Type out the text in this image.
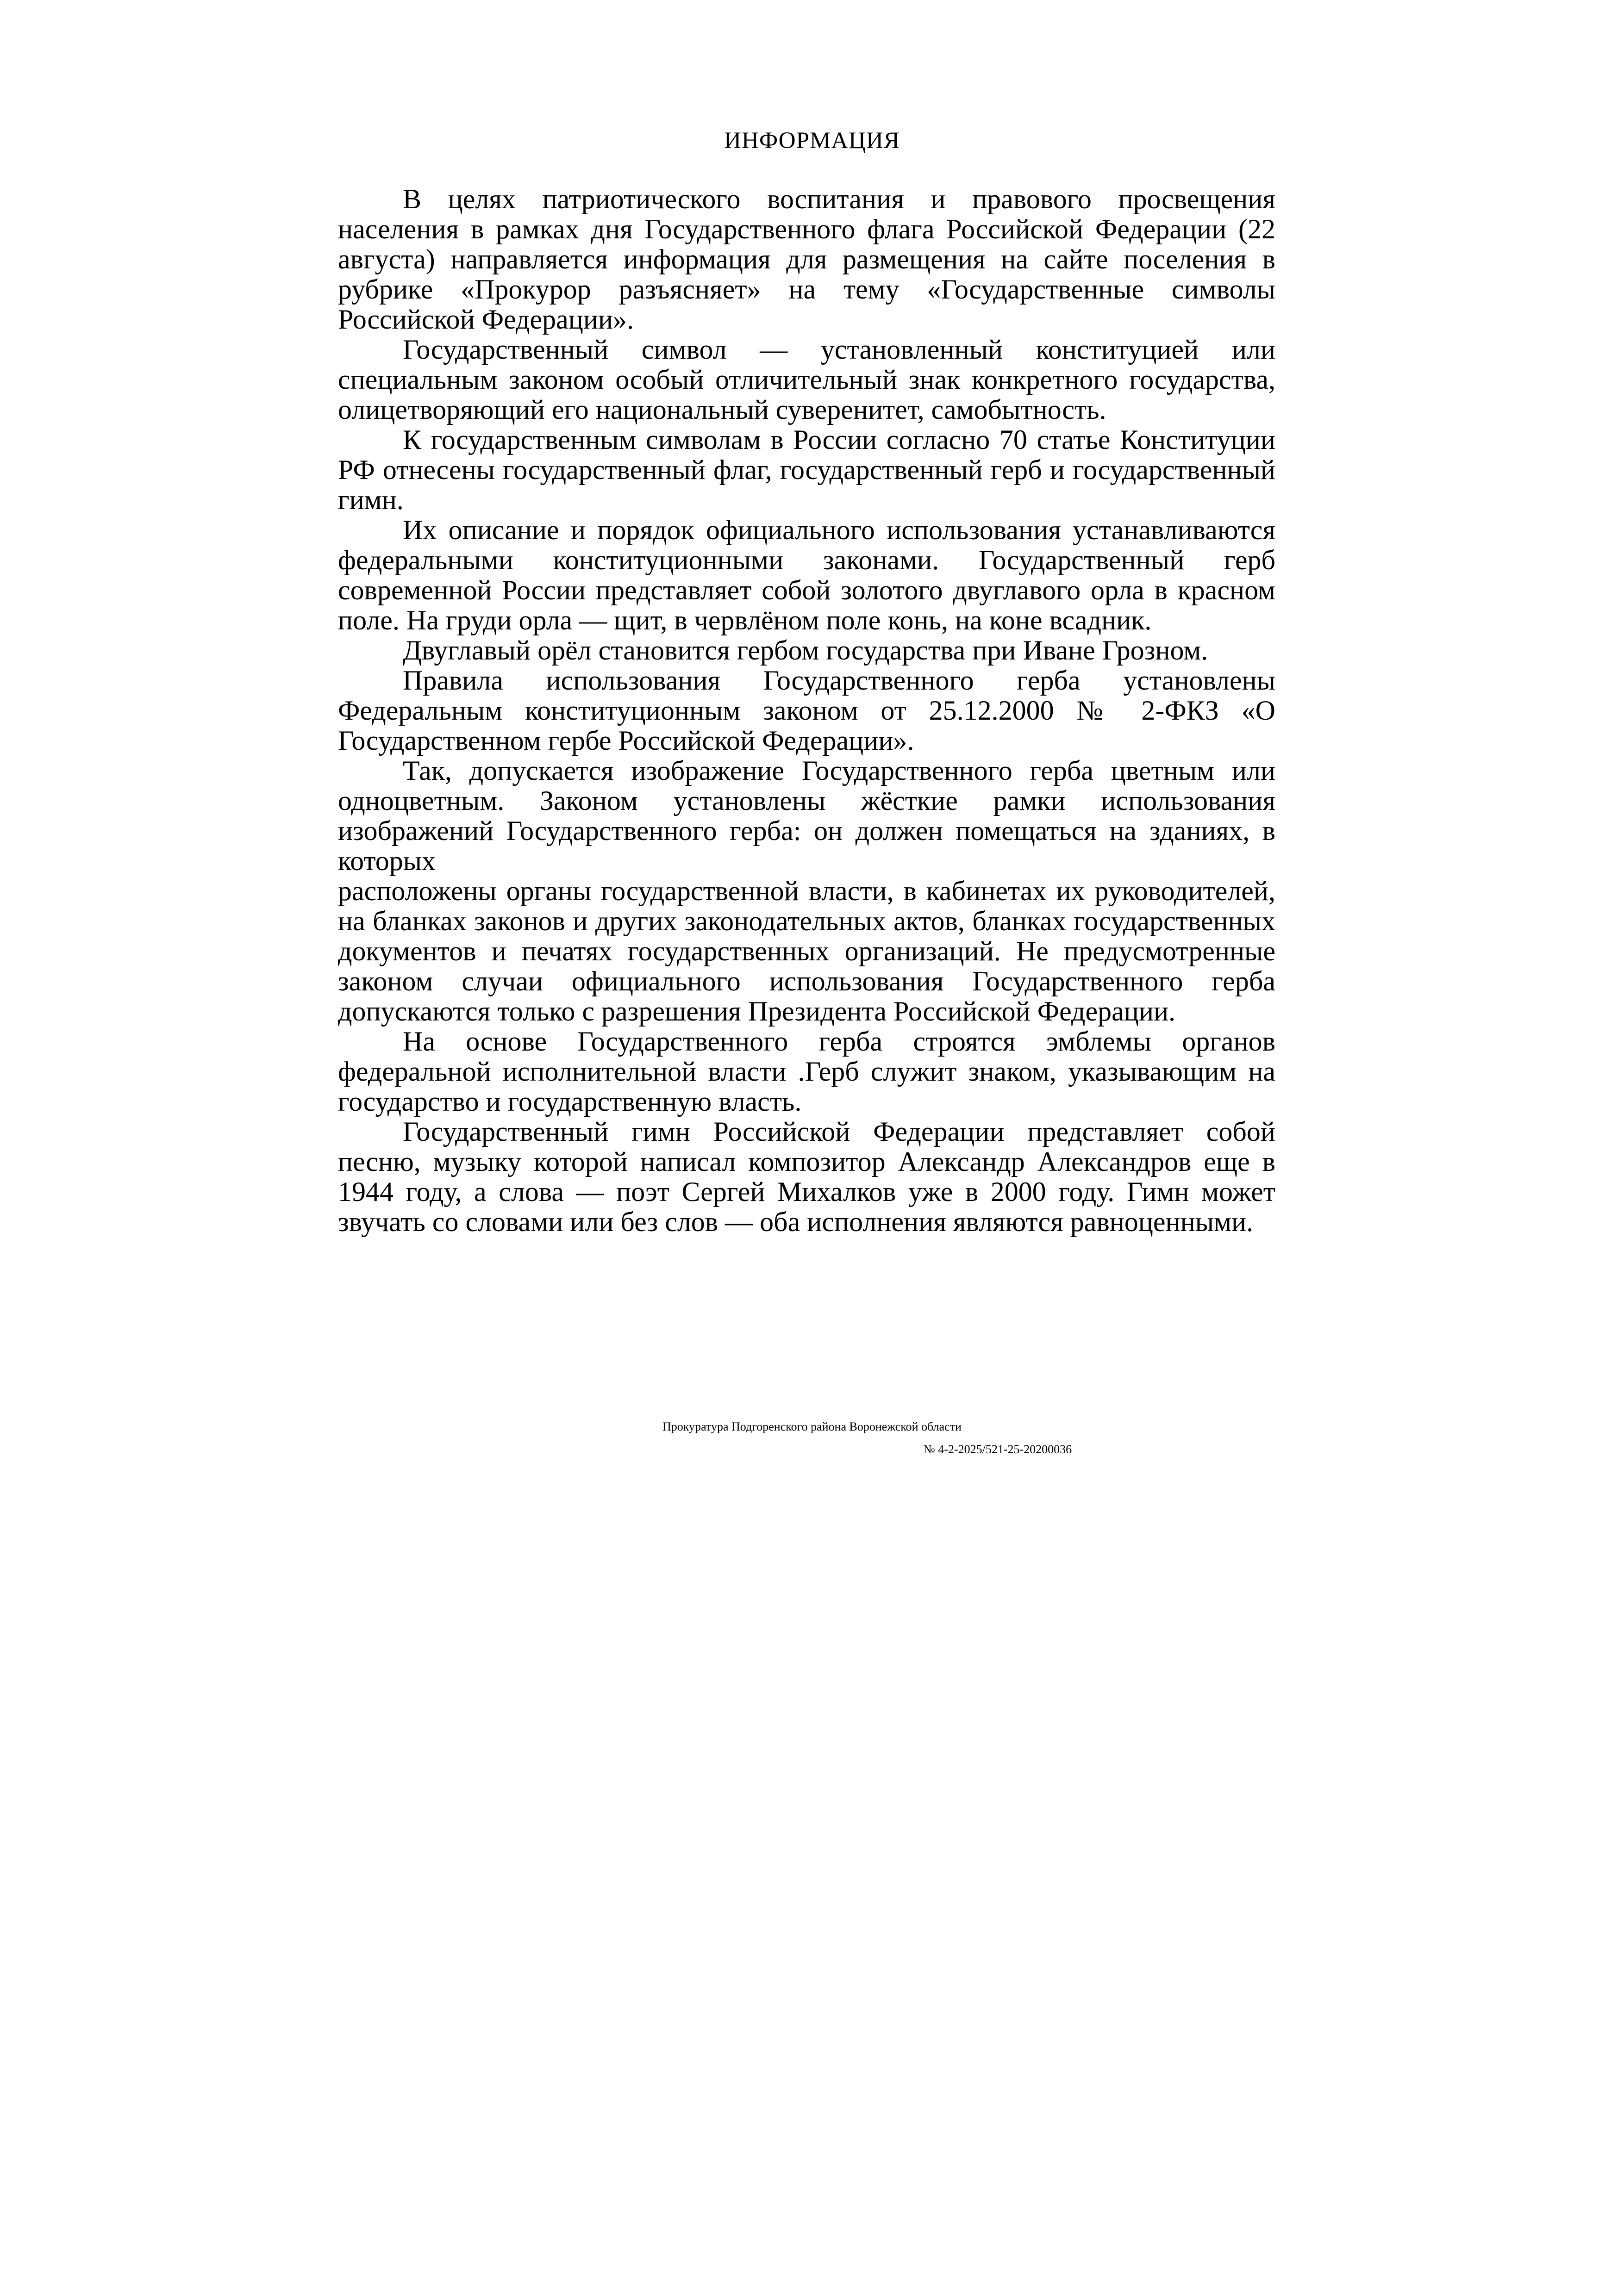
ИНФОРМАЦИЯ

В целях патриотического воспитания и правового просвещения населения в рамках дня Государственного флага Российской Федерации (22 августа) направляется информация для размещения на сайте поселения в рубрике «Прокурор разъясняет» на тему «Государственные символы Российской Федерации».

Государственный символ — установленный конституцией или специальным законом особый отличительный знак конкретного государства, олицетворяющий его национальный суверенитет, самобытность.

К государственным символам в России согласно 70 статье Конституции РФ отнесены государственный флаг, государственный герб и государственный гимн.

Их описание и порядок официального использования устанавливаются федеральными конституционными законами. Государственный герб современной России представляет собой золотого двуглавого орла в красном поле. На груди орла — щит, в червлёном поле конь, на коне всадник.

Двуглавый орёл становится гербом государства при Иване Грозном.

Правила использования Государственного герба установлены Федеральным конституционным законом от 25.12.2000 № 2-ФКЗ «О Государственном гербе Российской Федерации».

Так, допускается изображение Государственного герба цветным или одноцветным. Законом установлены жёсткие рамки использования изображений Государственного герба: он должен помещаться на зданиях, в которых

расположены органы государственной власти, в кабинетах их руководителей, на бланках законов и других законодательных актов, бланках государственных документов и печатях государственных организаций. Не предусмотренные законом случаи официального использования Государственного герба допускаются только с разрешения Президента Российской Федерации.

На основе Государственного герба строятся эмблемы органов федеральной исполнительной власти .Герб служит знаком, указывающим на государство и государственную власть.

Государственный гимн Российской Федерации представляет собой песню, музыку которой написал композитор Александр Александров еще в 1944 году, а слова — поэт Сергей Михалков уже в 2000 году. Гимн может звучать со словами или без слов — оба исполнения являются равноценными.

Прокуратура Подгоренского района Воронежской области
№ 4-2-2025/521-25-20200036
